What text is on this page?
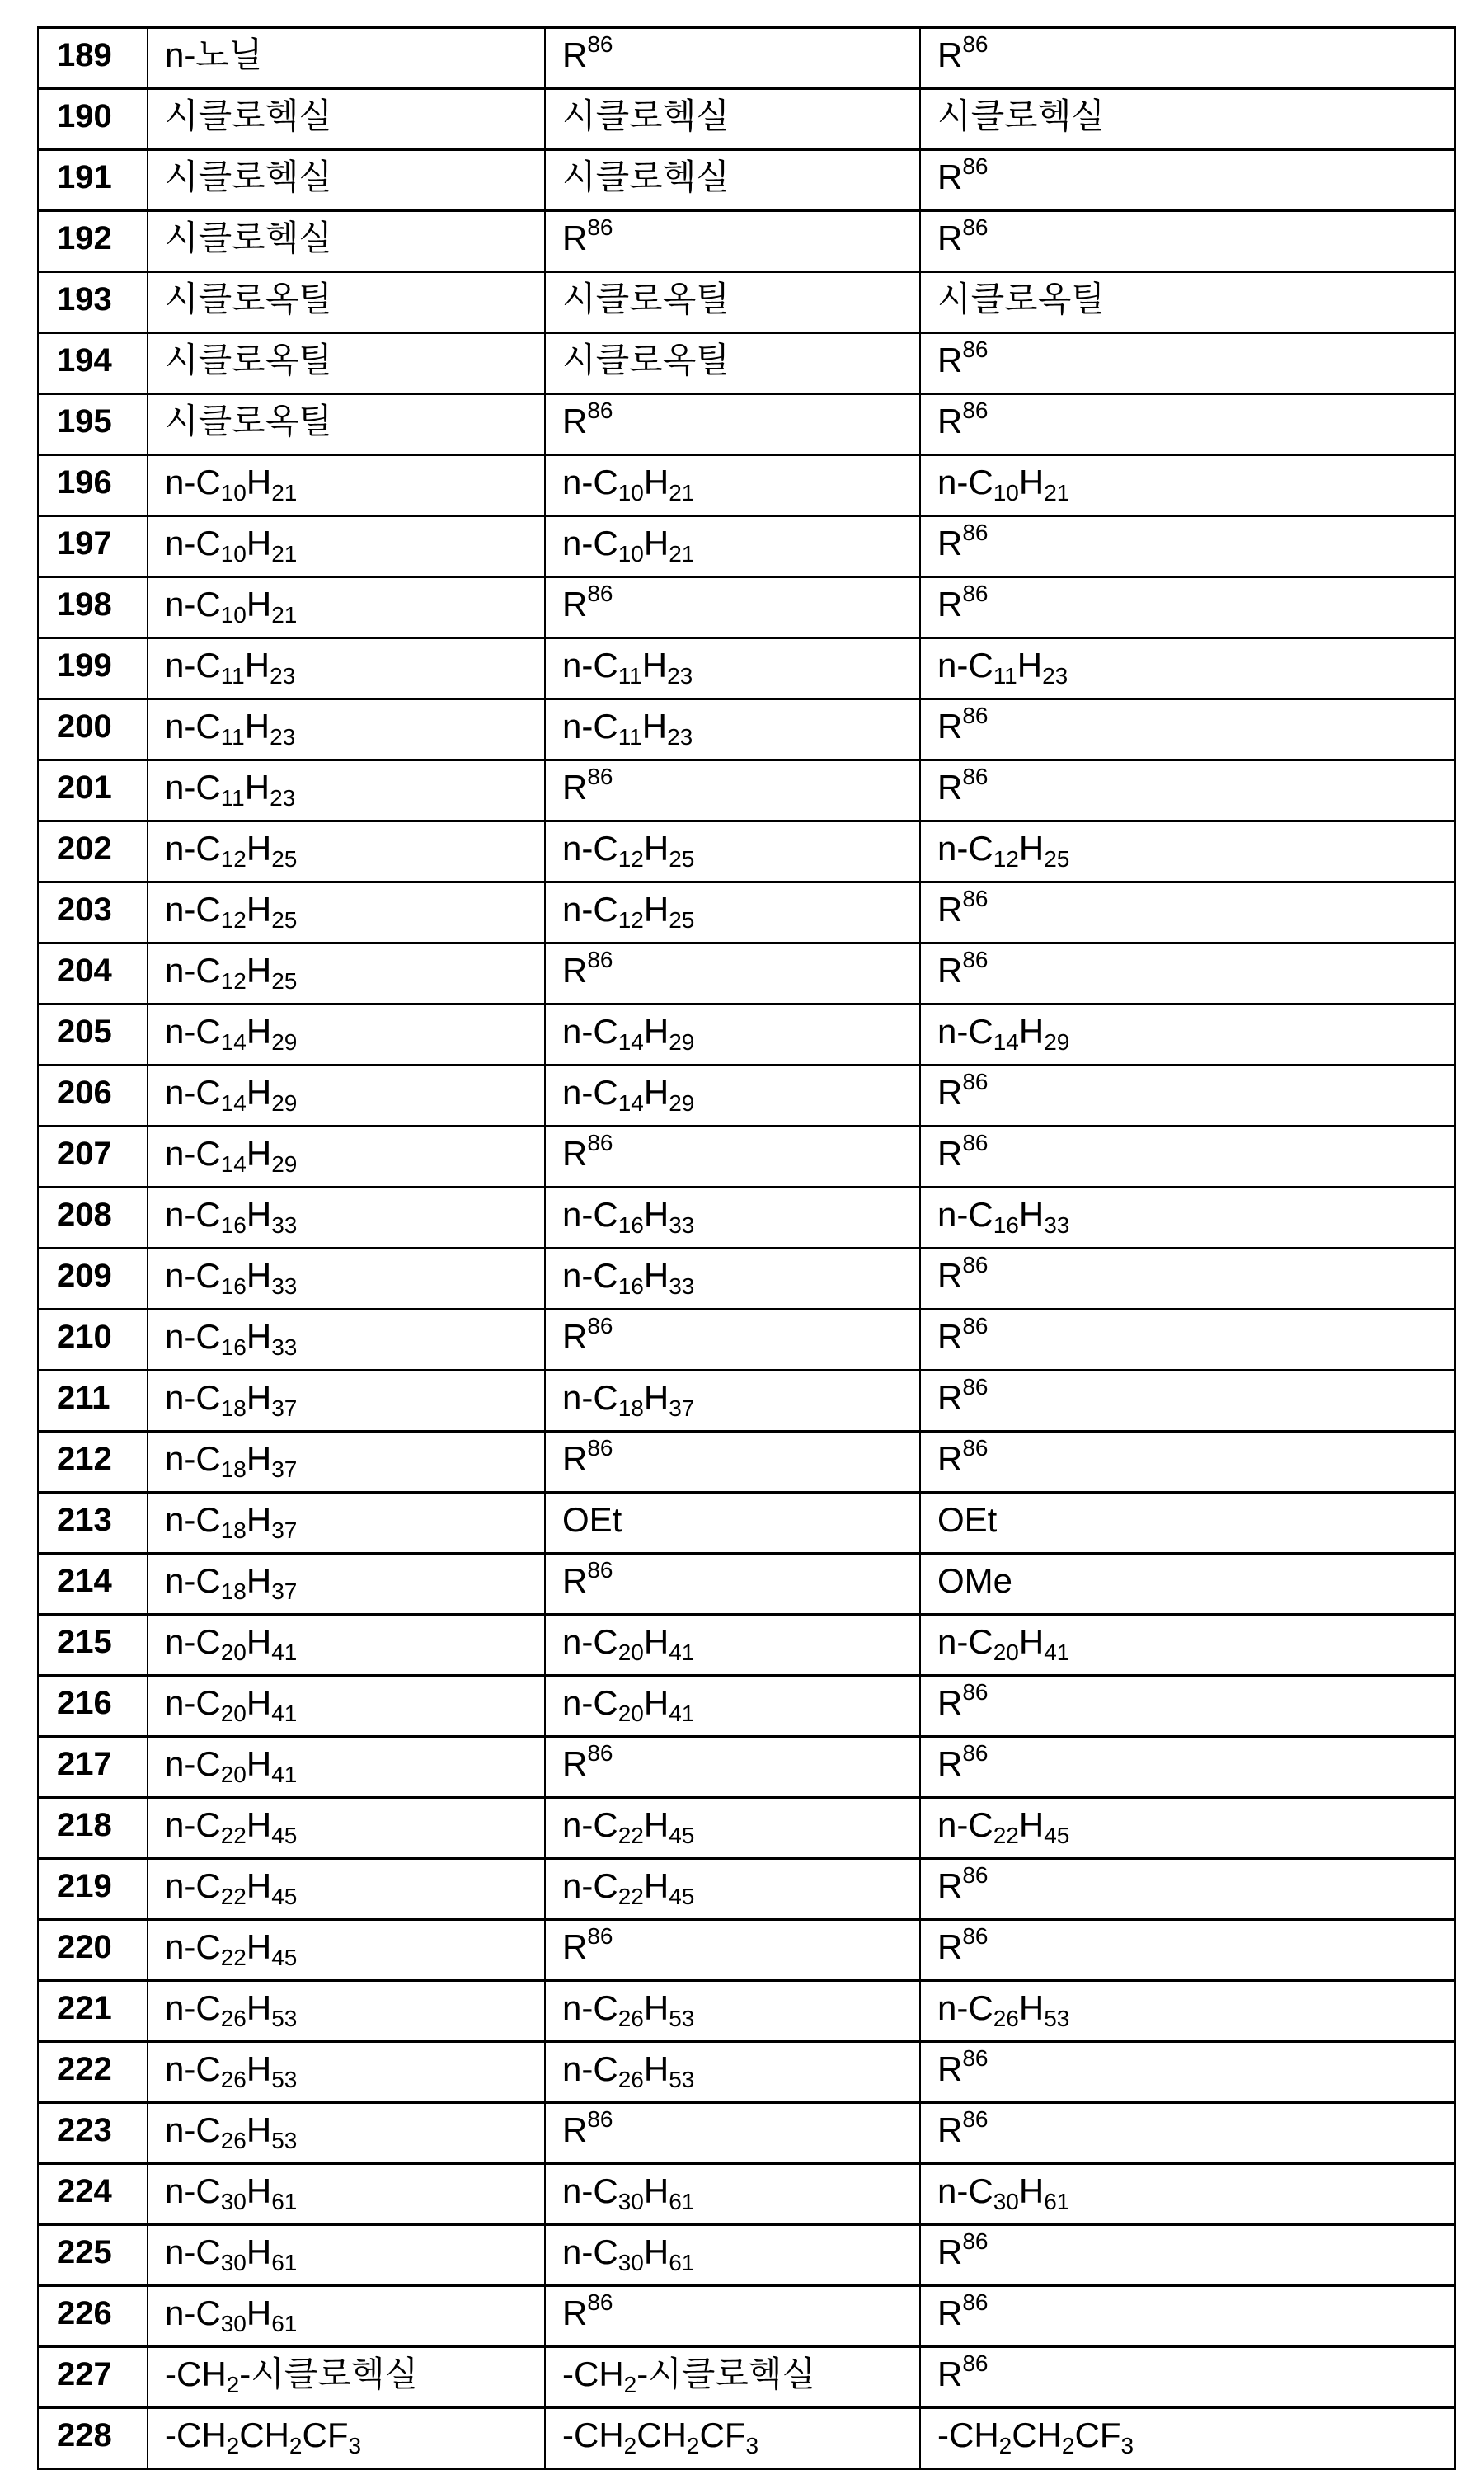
189	n-노닐	$R^{86}$	$R^{86}$
190	시클로헥실	시클로헥실	시클로헥실
191	시클로헥실	시클로헥실	$R^{86}$
192	시클로헥실	$R^{86}$	$R^{86}$
193	시클로옥틸	시클로옥틸	시클로옥틸
194	시클로옥틸	시클로옥틸	$R^{86}$
195	시클로옥틸	$R^{86}$	$R^{86}$
196	$n-C_{10}H_{21}$	$n-C_{10}H_{21}$	$n-C_{10}H_{21}$
197	$n-C_{10}H_{21}$	$n-C_{10}H_{21}$	$R^{86}$
198	$n-C_{10}H_{21}$	$R^{86}$	$R^{86}$
199	$n-C_{11}H_{23}$	$n-C_{11}H_{23}$	$n-C_{11}H_{23}$
200	$n-C_{11}H_{23}$	$n-C_{11}H_{23}$	$R^{86}$
201	$n-C_{11}H_{23}$	$R^{86}$	$R^{86}$
202	$n-C_{12}H_{25}$	$n-C_{12}H_{25}$	$n-C_{12}H_{25}$
203	$n-C_{12}H_{25}$	$n-C_{12}H_{25}$	$R^{86}$
204	$n-C_{12}H_{25}$	$R^{86}$	$R^{86}$
205	$n-C_{14}H_{29}$	$n-C_{14}H_{29}$	$n-C_{14}H_{29}$
206	$n-C_{14}H_{29}$	$n-C_{14}H_{29}$	$R^{86}$
207	$n-C_{14}H_{29}$	$R^{86}$	$R^{86}$
208	$n-C_{16}H_{33}$	$n-C_{16}H_{33}$	$n-C_{16}H_{33}$
209	$n-C_{16}H_{33}$	$n-C_{16}H_{33}$	$R^{86}$
210	$n-C_{16}H_{33}$	$R^{86}$	$R^{86}$
211	$n-C_{18}H_{37}$	$n-C_{18}H_{37}$	$R^{86}$
212	$n-C_{18}H_{37}$	$R^{86}$	$R^{86}$
213	$n-C_{18}H_{37}$	OEt	OEt
214	$n-C_{18}H_{37}$	$R^{86}$	OMe
215	$n-C_{20}H_{41}$	$n-C_{20}H_{41}$	$n-C_{20}H_{41}$
216	$n-C_{20}H_{41}$	$n-C_{20}H_{41}$	$R^{86}$
217	$n-C_{20}H_{41}$	$R^{86}$	$R^{86}$
218	$n-C_{22}H_{45}$	$n-C_{22}H_{45}$	$n-C_{22}H_{45}$
219	$n-C_{22}H_{45}$	$n-C_{22}H_{45}$	$R^{86}$
220	$n-C_{22}H_{45}$	$R^{86}$	$R^{86}$
221	$n-C_{26}H_{53}$	$n-C_{26}H_{53}$	$n-C_{26}H_{53}$
222	$n-C_{26}H_{53}$	$n-C_{26}H_{53}$	$R^{86}$
223	$n-C_{26}H_{53}$	$R^{86}$	$R^{86}$
224	$n-C_{30}H_{61}$	$n-C_{30}H_{61}$	$n-C_{30}H_{61}$
225	$n-C_{30}H_{61}$	$n-C_{30}H_{61}$	$R^{86}$
226	$n-C_{30}H_{61}$	$R^{86}$	$R^{86}$
227	$-CH_2-$시클로헥실	$-CH_2-$시클로헥실	$R^{86}$
228	$-CH_2CH_2CF_3$	$-CH_2CH_2CF_3$	$-CH_2CH_2CF_3$
